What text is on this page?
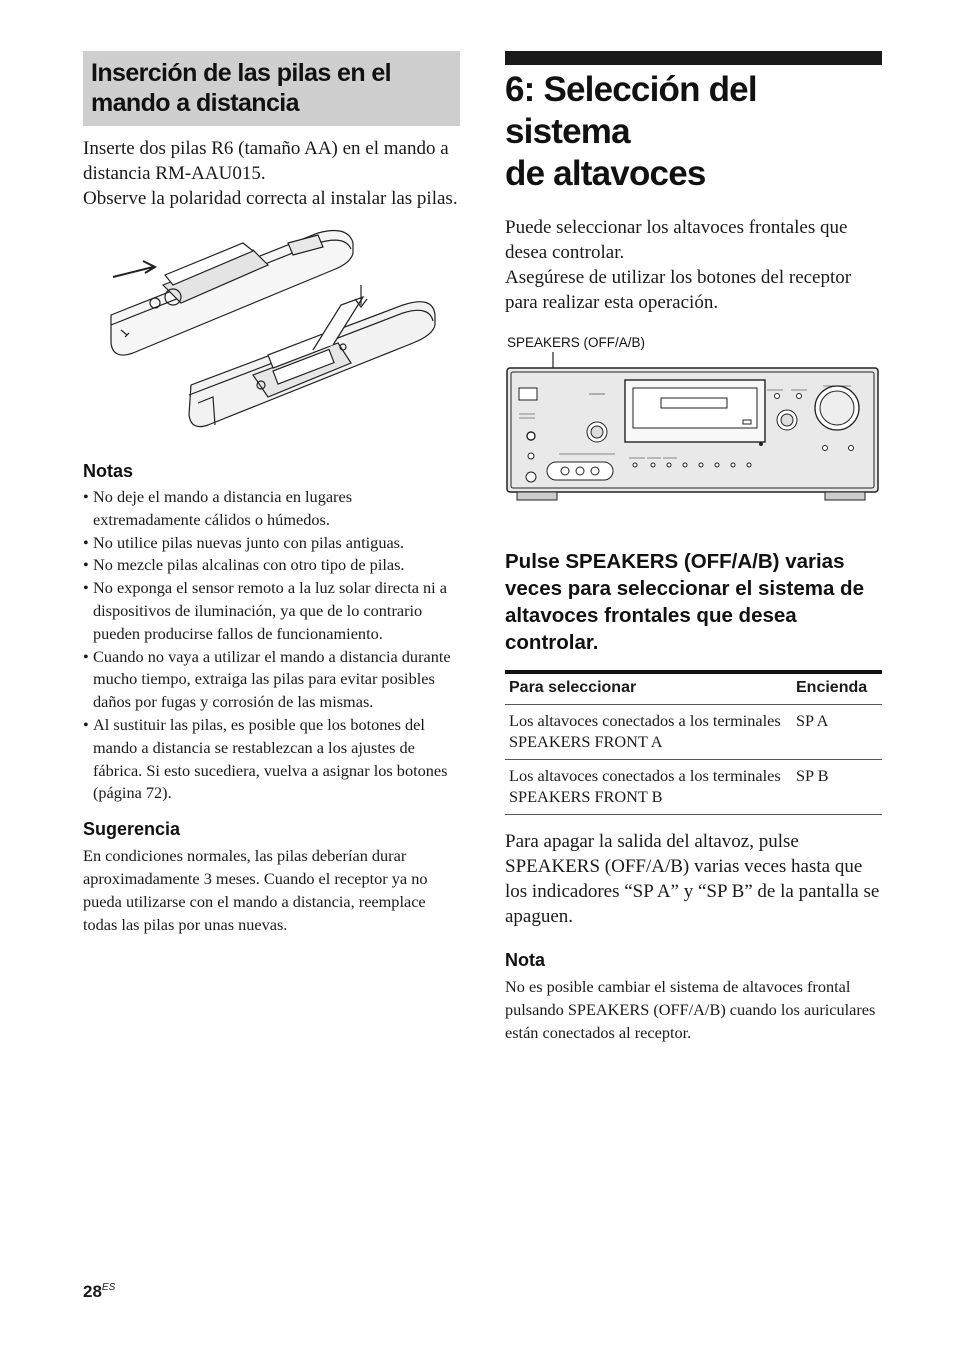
Inserción de las pilas en el
mando a distancia

Inserte dos pilas R6 (tamaño AA) en el mando a distancia RM-AAU015.

Observe la polaridad correcta al instalar las pilas.

Notas
• No deje el mando a distancia en lugares extremadamente cálidos o húmedos.
• No utilice pilas nuevas junto con pilas antiguas.
• No mezcle pilas alcalinas con otro tipo de pilas.
• No exponga el sensor remoto a la luz solar directa ni a dispositivos de iluminación, ya que de lo contrario pueden producirse fallos de funcionamiento.
• Cuando no vaya a utilizar el mando a distancia durante mucho tiempo, extraiga las pilas para evitar posibles daños por fugas y corrosión de las mismas.
• Al sustituir las pilas, es posible que los botones del mando a distancia se restablezcan a los ajustes de fábrica. Si esto sucediera, vuelva a asignar los botones (página 72).
Sugerencia
En condiciones normales, las pilas deberían durar aproximadamente 3 meses. Cuando el receptor ya no pueda utilizarse con el mando a distancia, reemplace todas las pilas por unas nuevas.
6: Selección del sistema
de altavoces

Puede seleccionar los altavoces frontales que desea controlar.

Asegúrese de utilizar los botones del receptor para realizar esta operación.

SPEAKERS (OFF/A/B)
Pulse SPEAKERS (OFF/A/B) varias veces para seleccionar el sistema de altavoces frontales que desea controlar.
Para seleccionar	Encienda
Los altavoces conectados a los terminales SPEAKERS FRONT A	SP A
Los altavoces conectados a los terminales SPEAKERS FRONT B	SP B
Para apagar la salida del altavoz, pulse SPEAKERS (OFF/A/B) varias veces hasta que los indicadores “SP A” y “SP B” de la pantalla se apaguen.
Nota
No es posible cambiar el sistema de altavoces frontal pulsando SPEAKERS (OFF/A/B) cuando los auriculares están conectados al receptor.
$28^{ES}$
